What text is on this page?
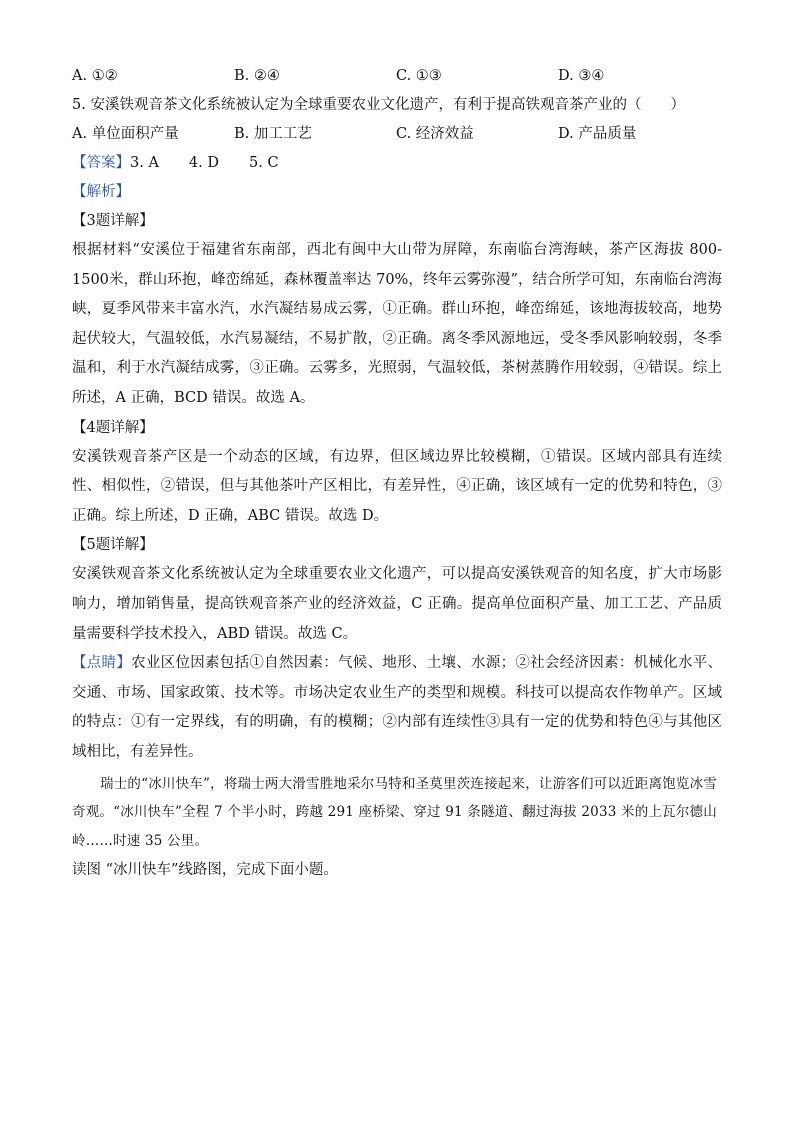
A. ①②	B. ②④	C. ①③	D. ③④
5. 安溪铁观音茶文化系统被认定为全球重要农业文化遗产，有利于提高铁观音茶产业的（　　）
A. 单位面积产量	B. 加工工艺	C. 经济效益	D. 产品质量
【答案】3. A 4. D 5. C
【解析】
【3题详解】
根据材料“安溪位于福建省东南部，西北有闽中大山带为屏障，东南临台湾海峡，茶产区海拔 800-1500米，群山环抱，峰峦绵延，森林覆盖率达 70%，终年云雾弥漫”，结合所学可知，东南临台湾海峡，夏季风带来丰富水汽，水汽凝结易成云雾，①正确。群山环抱，峰峦绵延，该地海拔较高，地势起伏较大，气温较低，水汽易凝结，不易扩散，②正确。离冬季风源地远，受冬季风影响较弱，冬季温和，利于水汽凝结成雾，③正确。云雾多，光照弱，气温较低，茶树蒸腾作用较弱，④错误。综上所述，A 正确，BCD 错误。故选 A。
【4题详解】
安溪铁观音茶产区是一个动态的区域，有边界，但区域边界比较模糊，①错误。区域内部具有连续性、相似性，②错误，但与其他茶叶产区相比，有差异性，④正确，该区域有一定的优势和特色，③正确。综上所述，D 正确，ABC 错误。故选 D。
【5题详解】
安溪铁观音茶文化系统被认定为全球重要农业文化遗产，可以提高安溪铁观音的知名度，扩大市场影响力，增加销售量，提高铁观音茶产业的经济效益，C 正确。提高单位面积产量、加工工艺、产品质量需要科学技术投入，ABD 错误。故选 C。
【点睛】农业区位因素包括①自然因素：气候、地形、土壤、水源；②社会经济因素：机械化水平、交通、市场、国家政策、技术等。市场决定农业生产的类型和规模。科技可以提高农作物单产。区域的特点：①有一定界线，有的明确，有的模糊；②内部有连续性③具有一定的优势和特色④与其他区域相比，有差异性。
瑞士的“冰川快车”，将瑞士两大滑雪胜地采尔马特和圣莫里茨连接起来，让游客们可以近距离饱览冰雪奇观。“冰川快车”全程 7 个半小时，跨越 291 座桥梁、穿过 91 条隧道、翻过海拔 2033 米的上瓦尔德山岭……时速 35 公里。
读图 “冰川快车”线路图，完成下面小题。
